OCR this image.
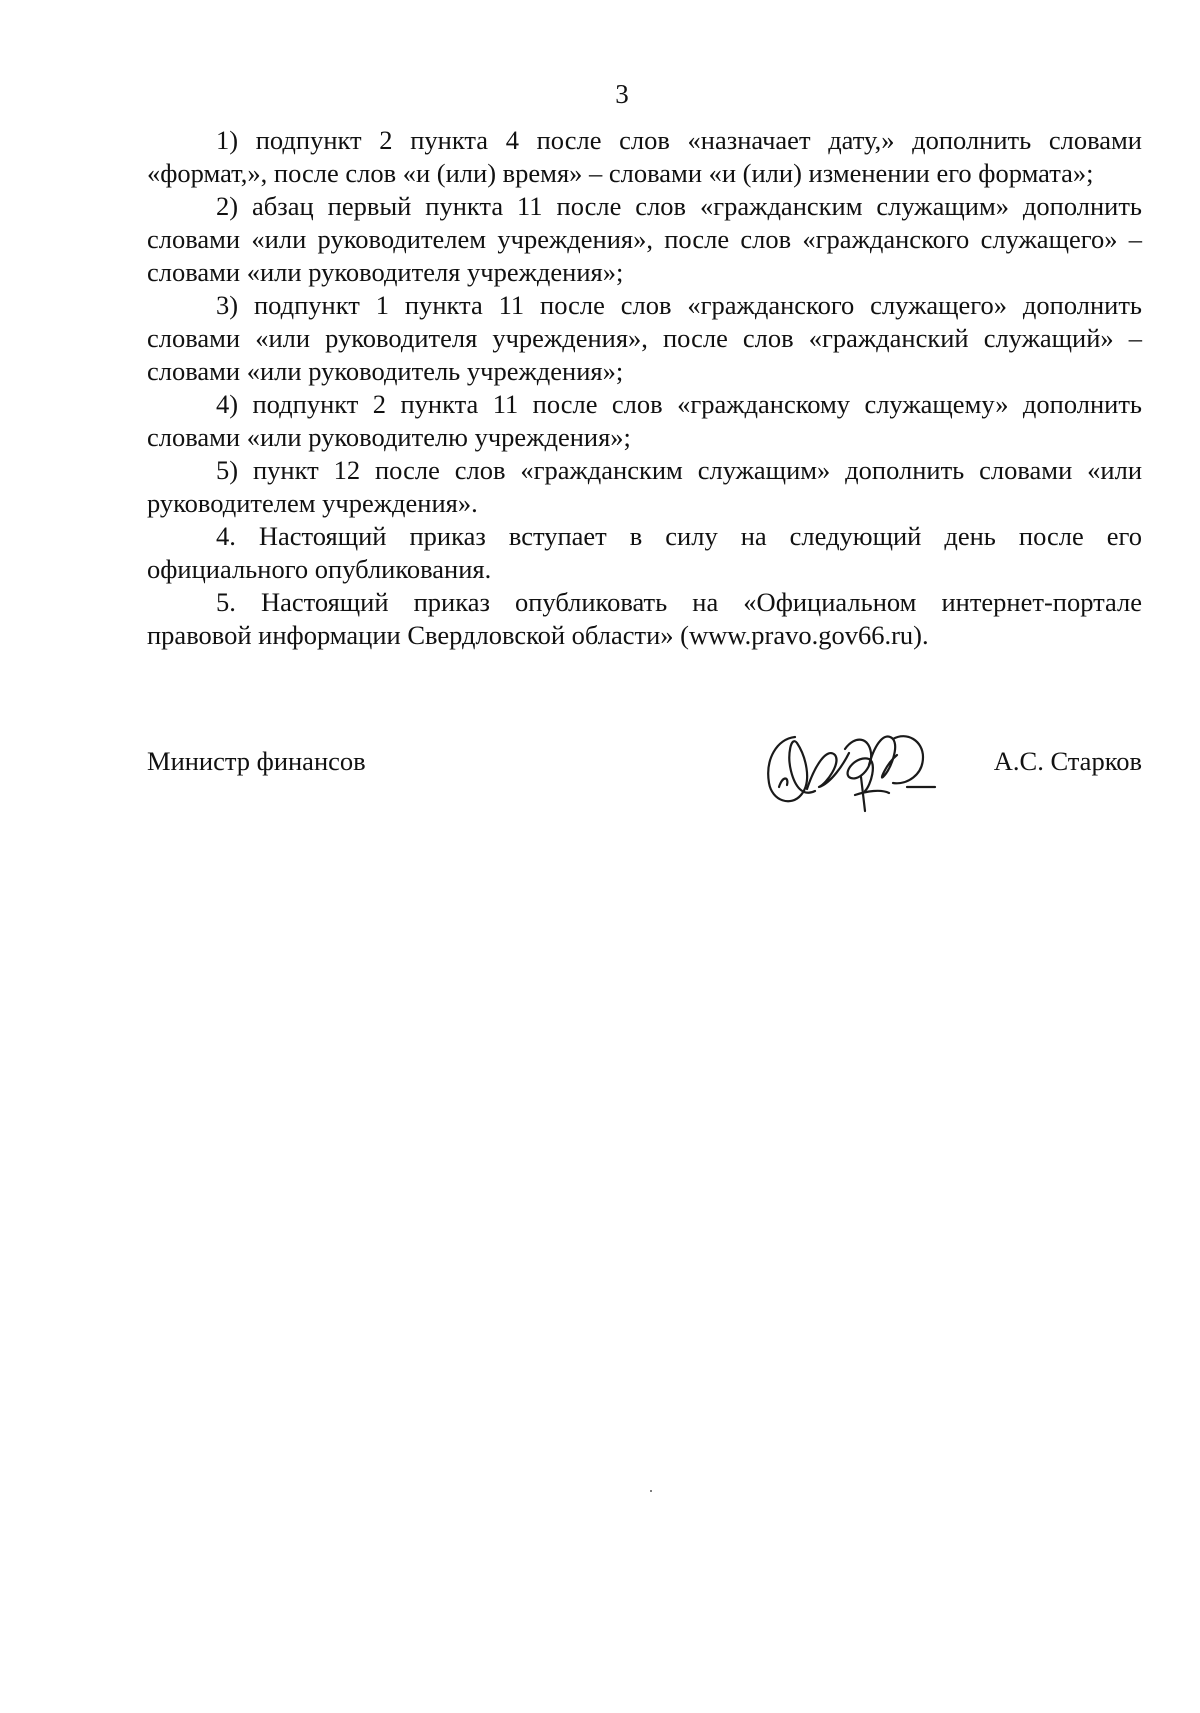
3

1) подпункт 2 пункта 4 после слов «назначает дату,» дополнить словами «формат,», после слов «и (или) время» – словами «и (или) изменении его формата»;

2) абзац первый пункта 11 после слов «гражданским служащим» дополнить словами «или руководителем учреждения», после слов «гражданского служащего» – словами «или руководителя учреждения»;

3) подпункт 1 пункта 11 после слов «гражданского служащего» дополнить словами «или руководителя учреждения», после слов «гражданский служащий» – словами «или руководитель учреждения»;

4) подпункт 2 пункта 11 после слов «гражданскому служащему» дополнить словами «или руководителю учреждения»;

5) пункт 12 после слов «гражданским служащим» дополнить словами «или руководителем учреждения».

4. Настоящий приказ вступает в силу на следующий день после его официального опубликования.

5. Настоящий приказ опубликовать на «Официальном интернет-портале правовой информации Свердловской области» (www.pravo.gov66.ru).

Министр финансов	А.С. Старков
